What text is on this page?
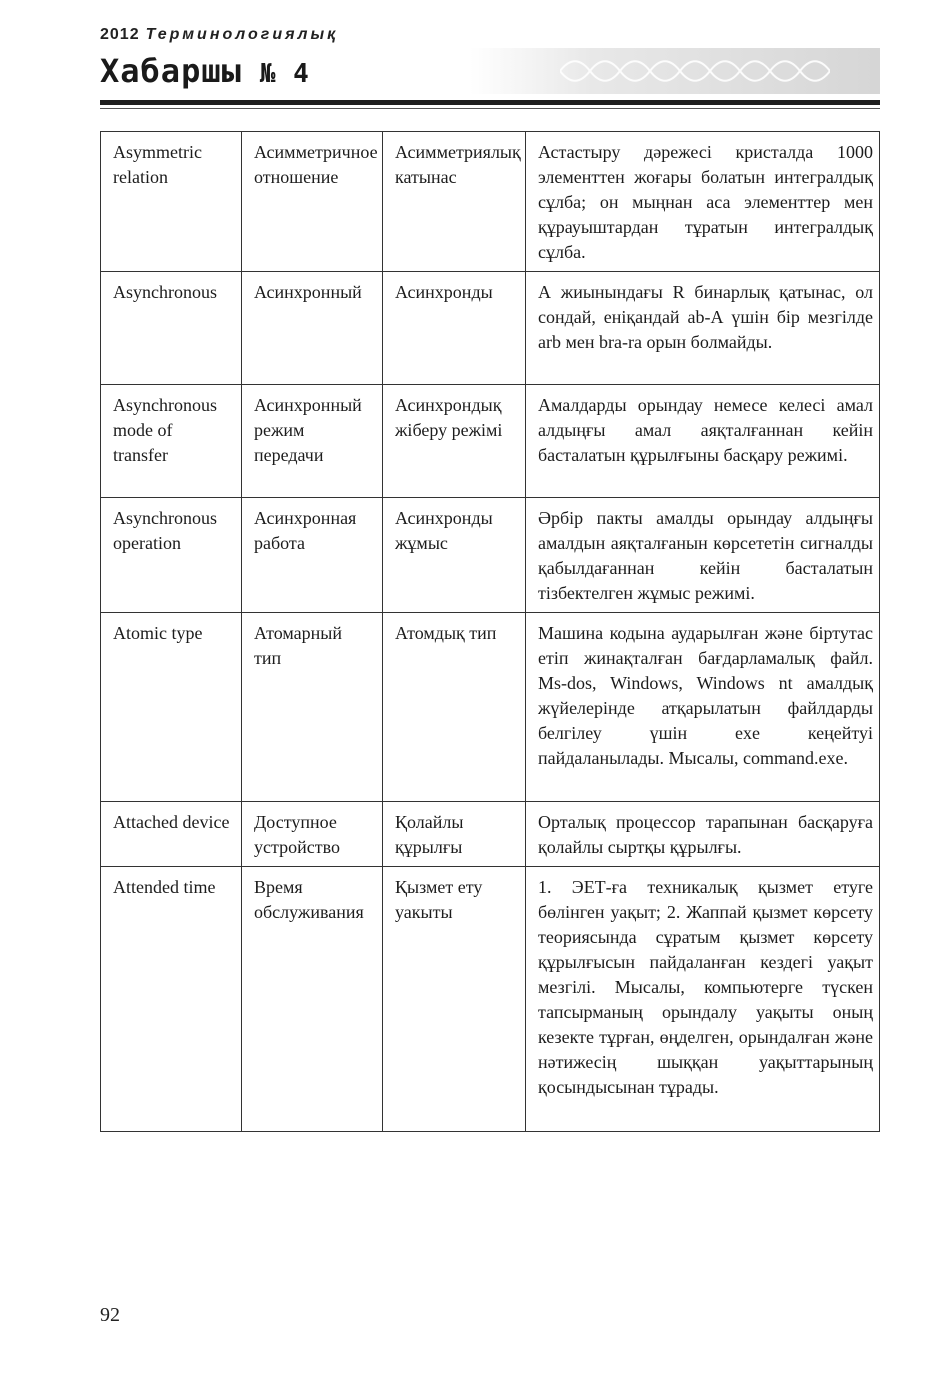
2012 Терминологиялық
Хабаршы № 4
Asymmetric relation	Асимметричное отношение	Асимметриялық катынас	Астастыру дәрежесі кристалда 1000 элементтен жоғары болатын интегралдық сұлба; он мыңнан аса элементтер мен құрауыштардан тұратын интегралдық сұлба.
Asynchronous	Асинхронный	Асинхронды	А жиынындағы R бинарлық қатынас, ол сондай, еніқандай ab-А үшін бір мезгілде arb мен bra-ra орын болмайды.
Asynchronous mode of transfer	Асинхронный режим передачи	Асинхрондық жіберу режімі	Амалдарды орындау немесе келесі амал алдыңғы амал аяқталғаннан кейін басталатын құрылғыны басқару режимі.
Asynchronous operation	Асинхронная работа	Асинхронды жұмыс	Әрбір пакты амалды орындау алдыңғы амалдын аяқталғанын көрсететін сигналды қабылдағаннан кейін басталатын тізбектелген жұмыс режимі.
Atomic type	Атомарный тип	Атомдық тип	Машина кодына аударылған және біртутас етіп жинақталған бағдарламалық файл. Ms-dos, Windows, Windows nt амалдық жүйелерінде атқарылатын файлдарды белгілеу үшін exe кеңейтуі пайдаланылады. Мысалы, command.exe.
Attached device	Доступное устройство	Қолайлы құрылғы	Орталық процессор тарапынан басқаруға қолайлы сыртқы құрылғы.
Attended time	Время обслуживания	Қызмет ету уакыты	1. ЭЕТ-ға техникалық қызмет етуге бөлінген уақыт; 2. Жаппай қызмет көрсету теориясында сұратым қызмет көрсету құрылғысын пайдаланған кездегі уақыт мезгілі. Мысалы, компьютерге түскен тапсырманың орындалу уақыты оның кезекте тұрған, өңделген, орындалған және нәтижесің шыққан уақыттарының қосындысынан тұрады.
92
